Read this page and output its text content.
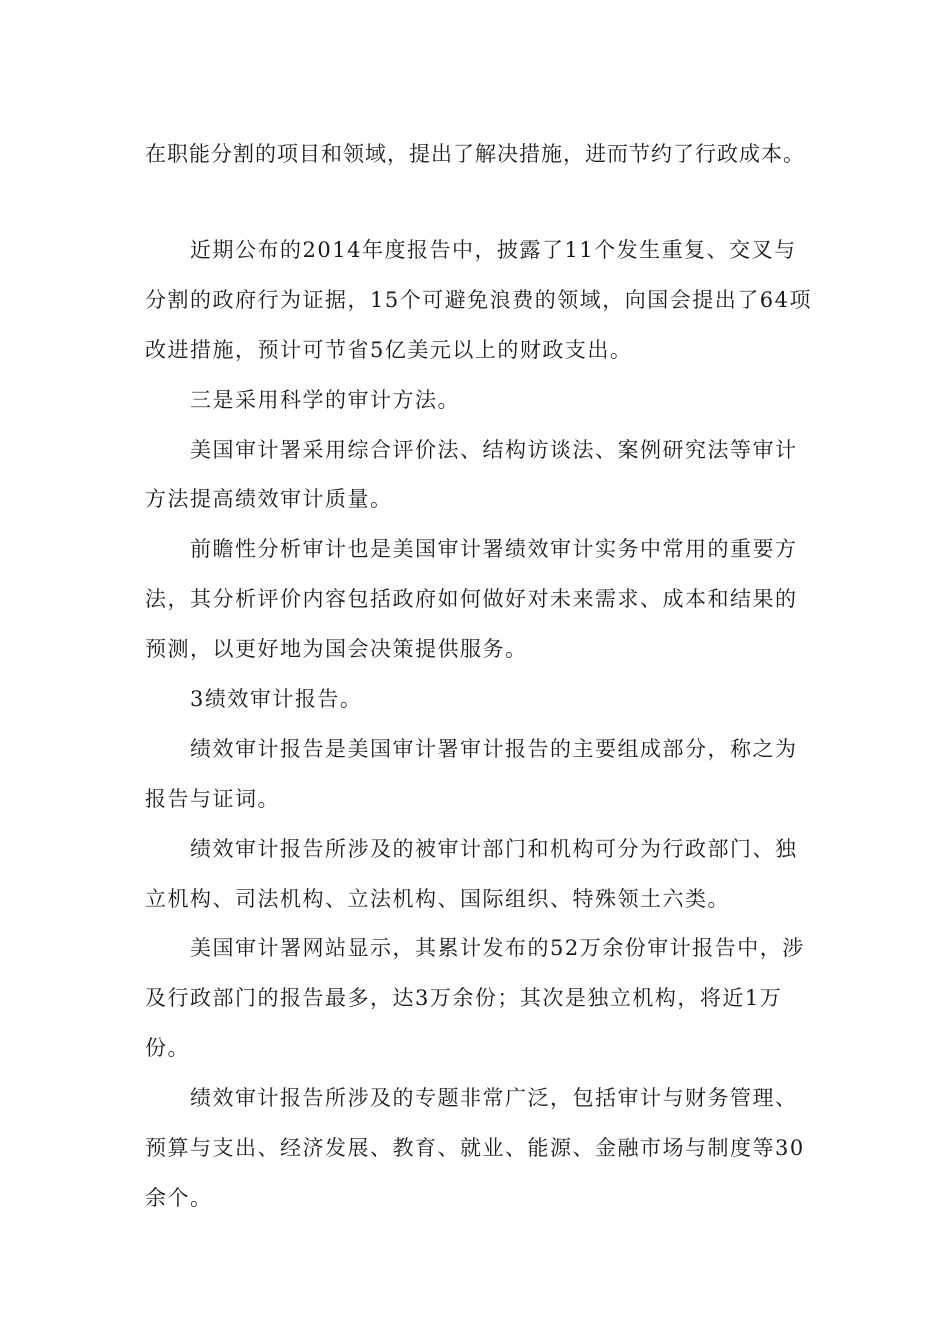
在职能分割的项目和领域，提出了解决措施，进而节约了行政成本。
近期公布的2014年度报告中，披露了11个发生重复、交叉与
分割的政府行为证据，15个可避免浪费的领域，向国会提出了64项
改进措施，预计可节省5亿美元以上的财政支出。
三是采用科学的审计方法。
美国审计署采用综合评价法、结构访谈法、案例研究法等审计
方法提高绩效审计质量。
前瞻性分析审计也是美国审计署绩效审计实务中常用的重要方
法，其分析评价内容包括政府如何做好对未来需求、成本和结果的
预测，以更好地为国会决策提供服务。
3绩效审计报告。
绩效审计报告是美国审计署审计报告的主要组成部分，称之为
报告与证词。
绩效审计报告所涉及的被审计部门和机构可分为行政部门、独
立机构、司法机构、立法机构、国际组织、特殊领土六类。
美国审计署网站显示，其累计发布的52万余份审计报告中，涉
及行政部门的报告最多，达3万余份；其次是独立机构，将近1万
份。
绩效审计报告所涉及的专题非常广泛，包括审计与财务管理、
预算与支出、经济发展、教育、就业、能源、金融市场与制度等30
余个。
